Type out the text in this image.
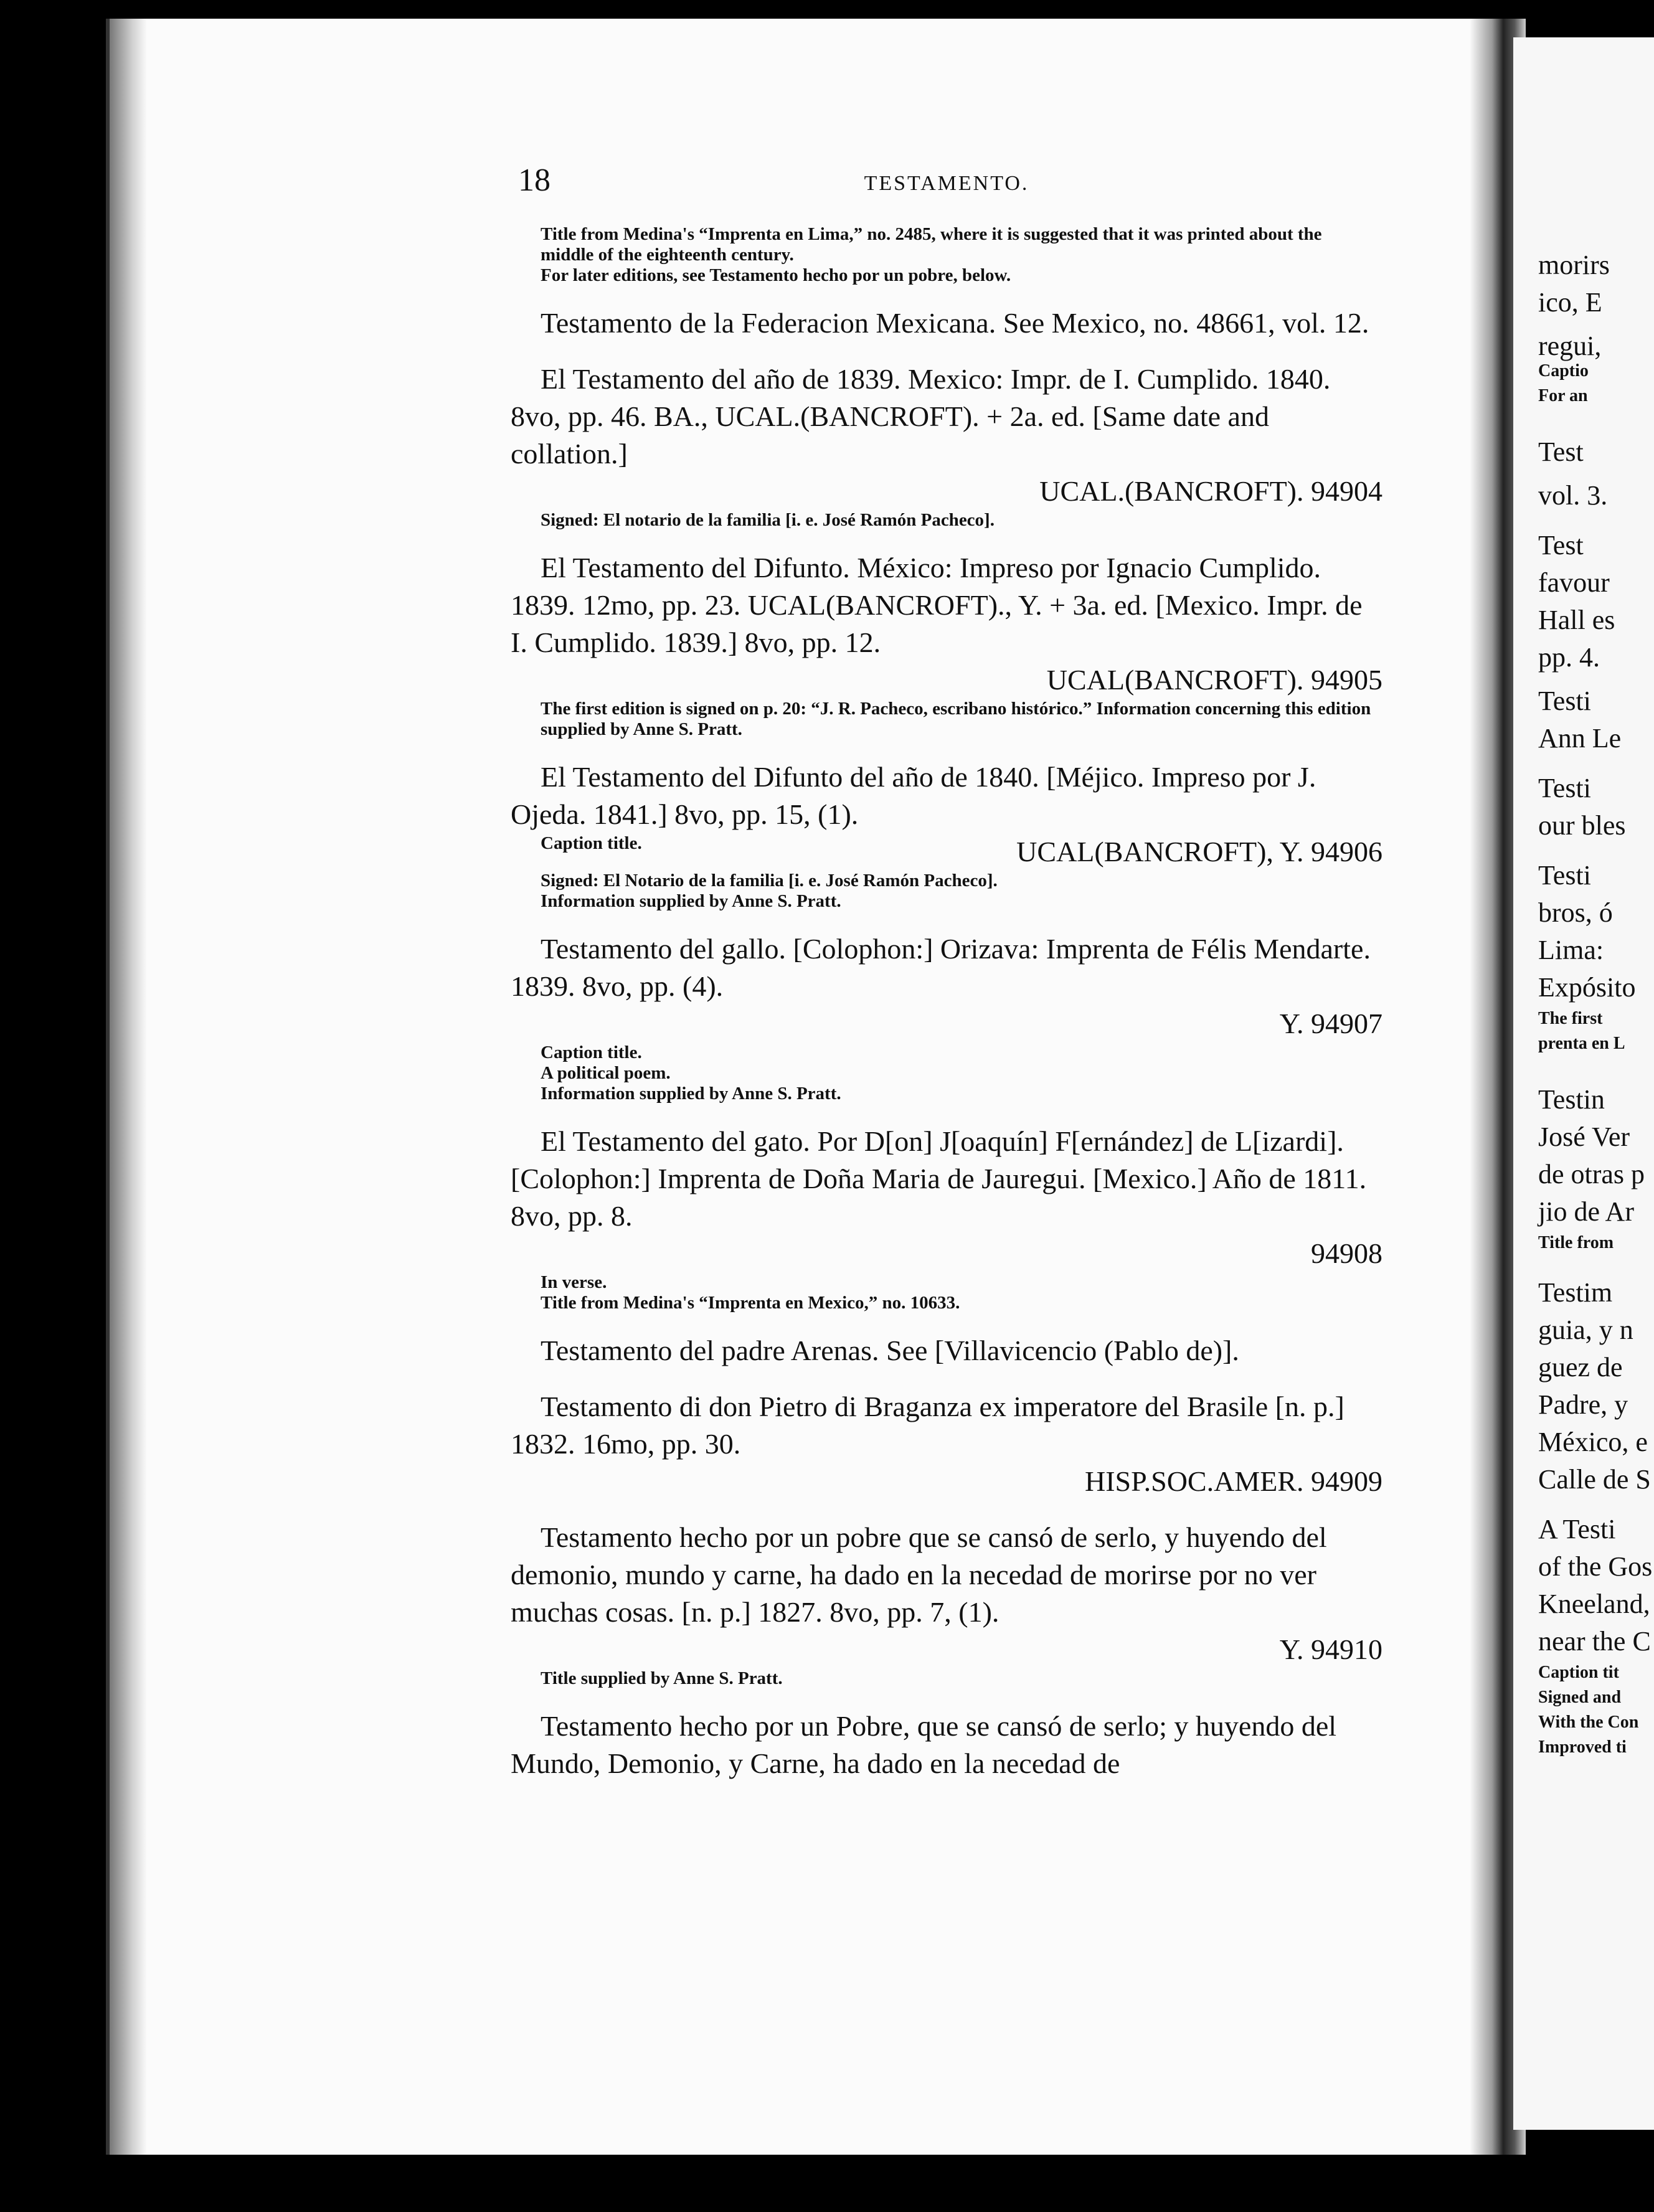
18	TESTAMENTO.

Title from Medina's “Imprenta en Lima,” no. 2485, where it is suggested that it was printed about the middle of the eighteenth century.

For later editions, see Testamento hecho por un pobre, below.

Testamento de la Federacion Mexicana. See Mexico, no. 48661, vol. 12.

El Testamento del año de 1839. Mexico: Impr. de I. Cumplido. 1840. 8vo, pp. 46. BA., UCAL.(BANCROFT). + 2a. ed. [Same date and collation.]

UCAL.(BANCROFT). 94904

Signed: El notario de la familia [i. e. José Ramón Pacheco].

El Testamento del Difunto. México: Impreso por Ignacio Cumplido. 1839. 12mo, pp. 23. UCAL(BANCROFT)., Y. + 3a. ed. [Mexico. Impr. de I. Cumplido. 1839.] 8vo, pp. 12.

UCAL(BANCROFT). 94905

The first edition is signed on p. 20: “J. R. Pacheco, escribano histórico.” Information concerning this edition supplied by Anne S. Pratt.

El Testamento del Difunto del año de 1840. [Méjico. Impreso por J. Ojeda. 1841.] 8vo, pp. 15, (1).

Caption title.	UCAL(BANCROFT), Y. 94906

Signed: El Notario de la familia [i. e. José Ramón Pacheco].

Information supplied by Anne S. Pratt.

Testamento del gallo. [Colophon:] Orizava: Imprenta de Félis Mendarte. 1839. 8vo, pp. (4).

Y. 94907

Caption title.

A political poem.

Information supplied by Anne S. Pratt.

El Testamento del gato. Por D[on] J[oaquín] F[ernández] de L[izardi]. [Colophon:] Imprenta de Doña Maria de Jauregui. [Mexico.] Año de 1811. 8vo, pp. 8.

94908

In verse.

Title from Medina's “Imprenta en Mexico,” no. 10633.

Testamento del padre Arenas. See [Villavicencio (Pablo de)].

Testamento di don Pietro di Braganza ex imperatore del Brasile [n. p.] 1832. 16mo, pp. 30.

HISP.SOC.AMER. 94909

Testamento hecho por un pobre que se cansó de serlo, y huyendo del demonio, mundo y carne, ha dado en la necedad de morirse por no ver muchas cosas. [n. p.] 1827. 8vo, pp. 7, (1).

Y. 94910

Title supplied by Anne S. Pratt.

Testamento hecho por un Pobre, que se cansó de serlo; y huyendo del Mundo, Demonio, y Carne, ha dado en la necedad de

morirs
ico, E
regui,
Captio
For an
Test
vol. 3.
Test
favour
Hall es
pp. 4.
Testi
Ann Le
Testi
our bles
Testi
bros, ó
Lima:
Expósito
The first
prenta en L
Testin
José Ver
de otras p
jio de Ar
Title from
Testim
guia, y n
guez de
Padre, y
México, e
Calle de S
A Testi
of the Gos
Kneeland,
near the C
Caption tit
Signed and
With the Con
Improved ti
